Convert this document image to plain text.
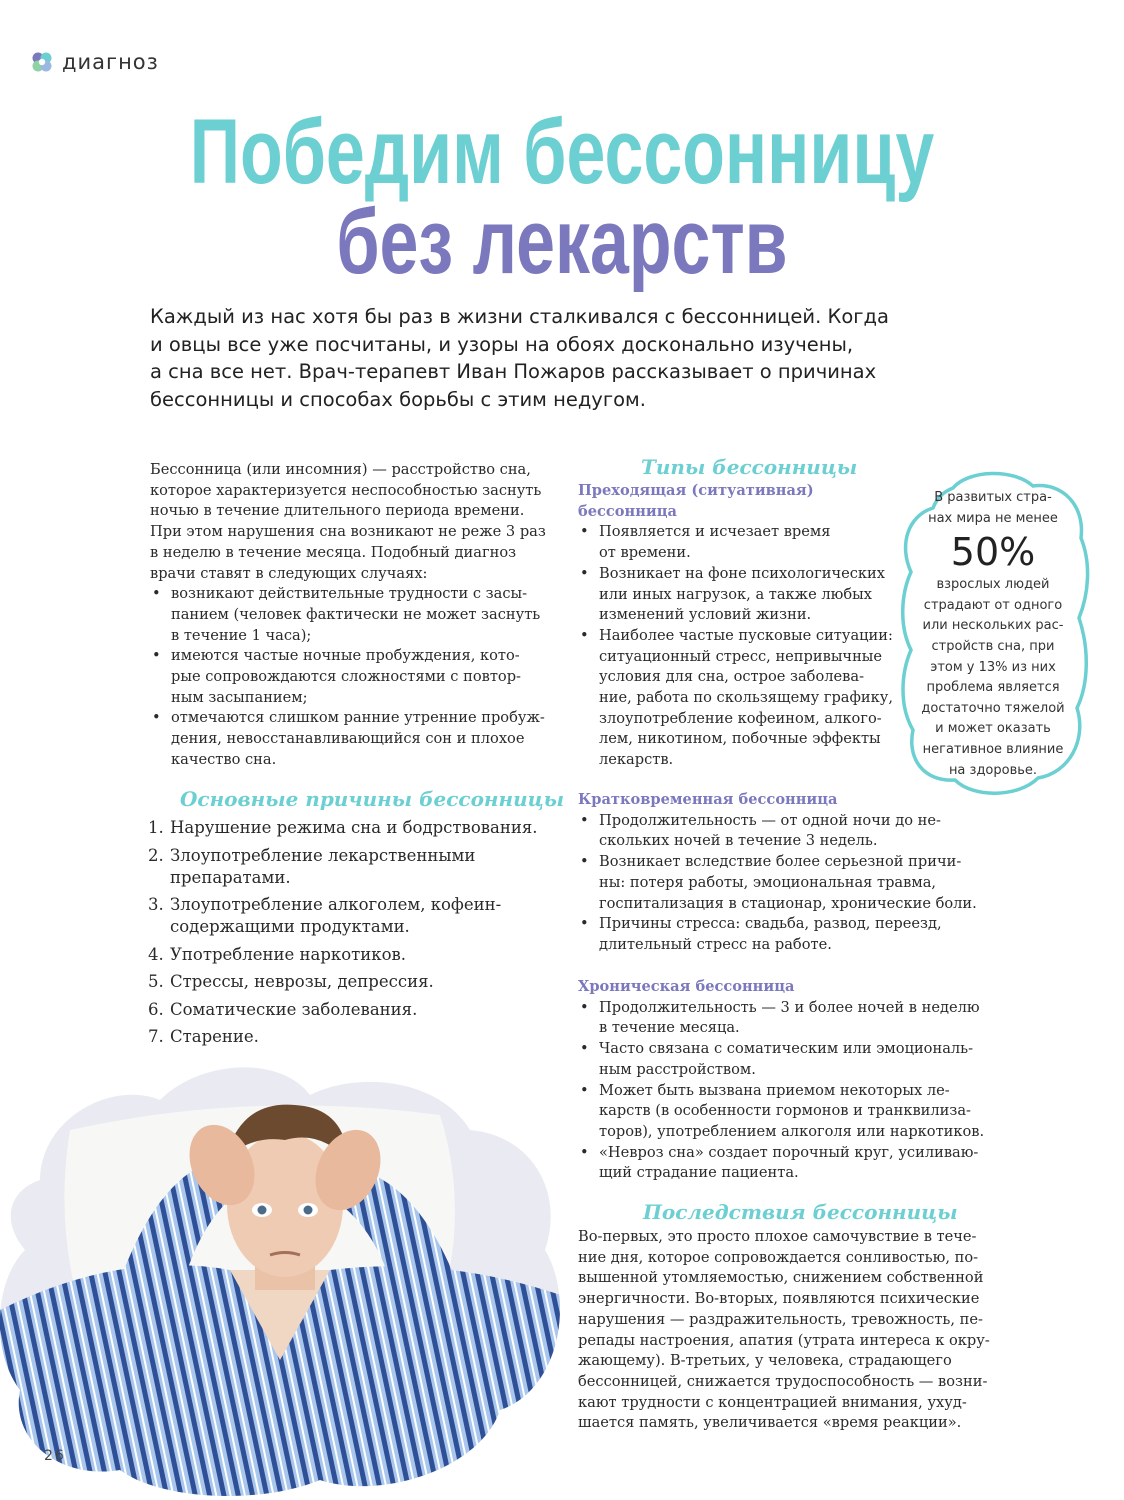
диагноз
Победим бессонницу
без лекарств
Каждый из нас хотя бы раз в жизни сталкивался с бессонницей. Когда
и овцы все уже посчитаны, и узоры на обоях досконально изучены,
а сна все нет. Врач-терапевт Иван Пожаров рассказывает о причинах
бессонницы и способах борьбы с этим недугом.
Бессонница (или инсомния) — расстройство сна,
которое характеризуется неспособностью заснуть
ночью в течение длительного периода времени.
При этом нарушения сна возникают не реже 3 раз
в неделю в течение месяца. Подобный диагноз
врачи ставят в следующих случаях:
• возникают действительные трудности с засы-
панием (человек фактически не может заснуть
в течение 1 часа);
• имеются частые ночные пробуждения, кото-
рые сопровождаются сложностями с повтор-
ным засыпанием;
• отмечаются слишком ранние утренние пробуж-
дения, невосстанавливающийся сон и плохое
качество сна.
Основные причины бессонницы
1. Нарушение режима сна и бодрствования.
2. Злоупотребление лекарственными
препаратами.
3. Злоупотребление алкоголем, кофеин-
содержащими продуктами.
4. Употребление наркотиков.
5. Стрессы, неврозы, депрессия.
6. Соматические заболевания.
7. Старение.
Типы бессонницы
Преходящая (ситуативная)
бессонница
• Появляется и исчезает время
от времени.
• Возникает на фоне психологических
или иных нагрузок, а также любых
изменений условий жизни.
• Наиболее частые пусковые ситуации:
ситуационный стресс, непривычные
условия для сна, острое заболева-
ние, работа по скользящему графику,
злоупотребление кофеином, алкого-
лем, никотином, побочные эффекты
лекарств.
Кратковременная бессонница
• Продолжительность — от одной ночи до не-
скольких ночей в течение 3 недель.
• Возникает вследствие более серьезной причи-
ны: потеря работы, эмоциональная травма,
госпитализация в стационар, хронические боли.
• Причины стресса: свадьба, развод, переезд,
длительный стресс на работе.
Хроническая бессонница
• Продолжительность — 3 и более ночей в неделю
в течение месяца.
• Часто связана с соматическим или эмоциональ-
ным расстройством.
• Может быть вызвана приемом некоторых ле-
карств (в особенности гормонов и транквилиза-
торов), употреблением алкоголя или наркотиков.
• «Невроз сна» создает порочный круг, усиливаю-
щий страдание пациента.
Последствия бессонницы
Во-первых, это просто плохое самочувствие в тече-
ние дня, которое сопровождается сонливостью, по-
вышенной утомляемостью, снижением собственной
энергичности. Во-вторых, появляются психические
нарушения — раздражительность, тревожность, пе-
репады настроения, апатия (утрата интереса к окру-
жающему). В-третьих, у человека, страдающего
бессонницей, снижается трудоспособность — возни-
кают трудности с концентрацией внимания, ухуд-
шается память, увеличивается «время реакции».
В развитых стра-
нах мира не менее
50%
взрослых людей
страдают от одного
или нескольких рас-
стройств сна, при
этом у 13% из них
проблема является
достаточно тяжелой
и может оказать
негативное влияние
на здоровье.
26
